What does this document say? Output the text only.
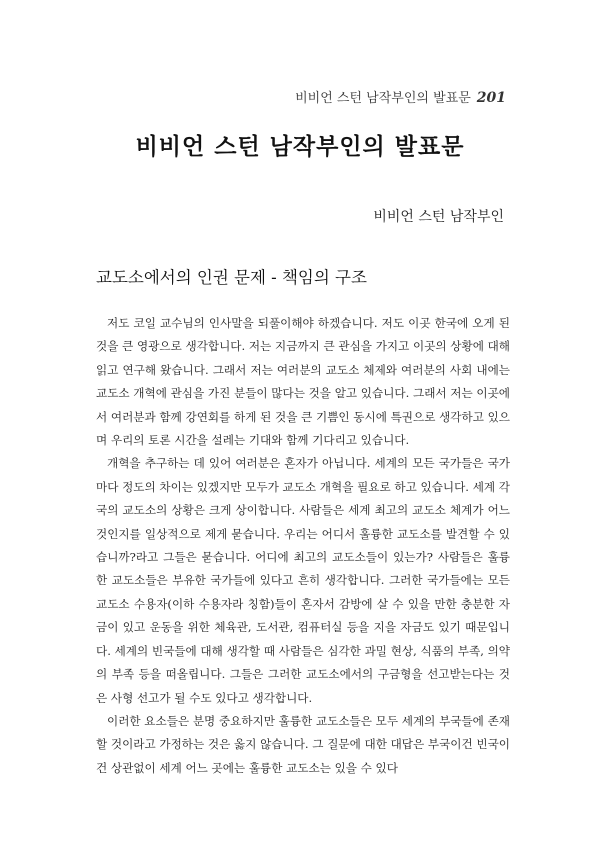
비비언 스턴 남작부인의 발표문 201
비비언 스턴 남작부인의 발표문
비비언 스턴 남작부인
교도소에서의 인권 문제 - 책임의 구조

저도 코일 교수님의 인사말을 되풀이해야 하겠습니다. 저도 이곳 한국에 오게 된 것을 큰 영광으로 생각합니다. 저는 지금까지 큰 관심을 가지고 이곳의 상황에 대해 읽고 연구해 왔습니다. 그래서 저는 여러분의 교도소 체제와 여러분의 사회 내에는 교도소 개혁에 관심을 가진 분들이 많다는 것을 알고 있습니다. 그래서 저는 이곳에서 여러분과 함께 강연회를 하게 된 것을 큰 기쁨인 동시에 특권으로 생각하고 있으며 우리의 토론 시간을 설레는 기대와 함께 기다리고 있습니다.

개혁을 추구하는 데 있어 여러분은 혼자가 아닙니다. 세계의 모든 국가들은 국가마다 정도의 차이는 있겠지만 모두가 교도소 개혁을 필요로 하고 있습니다. 세계 각국의 교도소의 상황은 크게 상이합니다. 사람들은 세계 최고의 교도소 체계가 어느 것인지를 일상적으로 제게 묻습니다. 우리는 어디서 훌륭한 교도소를 발견할 수 있습니까?라고 그들은 묻습니다. 어디에 최고의 교도소들이 있는가? 사람들은 훌륭한 교도소들은 부유한 국가들에 있다고 흔히 생각합니다. 그러한 국가들에는 모든 교도소 수용자(이하 수용자라 칭함)들이 혼자서 감방에 살 수 있을 만한 충분한 자금이 있고 운동을 위한 체육관, 도서관, 컴퓨터실 등을 지을 자금도 있기 때문입니다. 세계의 빈국들에 대해 생각할 때 사람들은 심각한 과밀 현상, 식품의 부족, 의약의 부족 등을 떠올립니다. 그들은 그러한 교도소에서의 구금형을 선고받는다는 것은 사형 선고가 될 수도 있다고 생각합니다.

이러한 요소들은 분명 중요하지만 훌륭한 교도소들은 모두 세계의 부국들에 존재할 것이라고 가정하는 것은 옳지 않습니다. 그 질문에 대한 대답은 부국이건 빈국이건 상관없이 세계 어느 곳에는 훌륭한 교도소는 있을 수 있다
